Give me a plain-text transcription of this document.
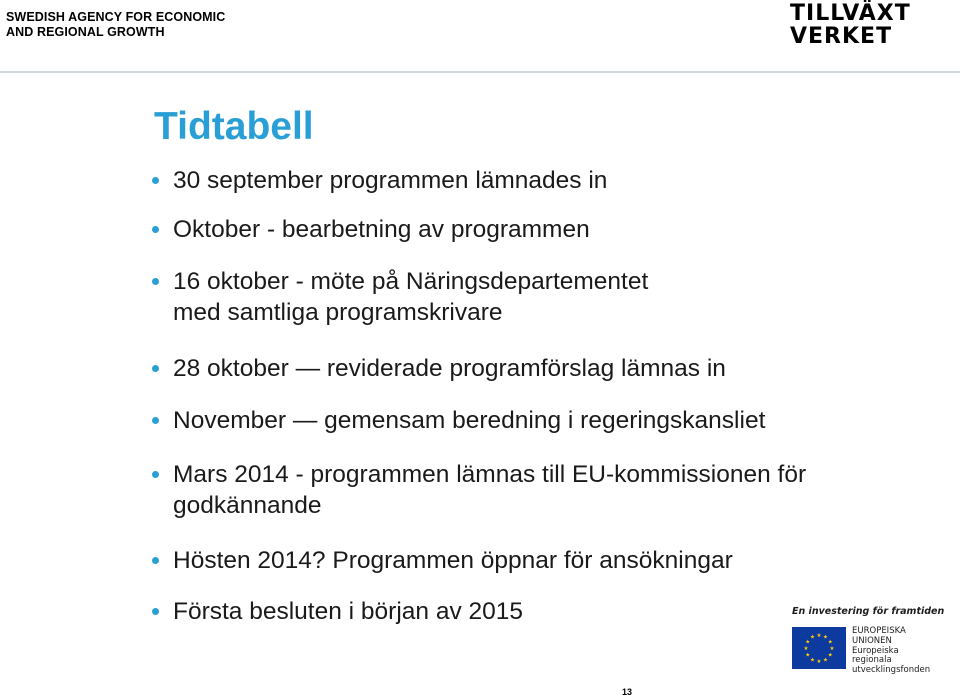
SWEDISH AGENCY FOR ECONOMIC
AND REGIONAL GROWTH
TILLVÄXT
VERKET
Tidtabell
30 september programmen lämnades in
Oktober - bearbetning av programmen
16 oktober - möte på Näringsdepartementet
med samtliga programskrivare
28 oktober — reviderade programförslag lämnas in
November — gemensam beredning i regeringskansliet
Mars 2014 - programmen lämnas till EU-kommissionen för
godkännande
Hösten 2014? Programmen öppnar för ansökningar
Första besluten i början av 2015	En investering för framtiden
★ ★
★
★
★
★
★
★
★
★
★
★
EUROPEISKA
UNIONEN
Europeiska
regionala
utvecklingsfonden
13
